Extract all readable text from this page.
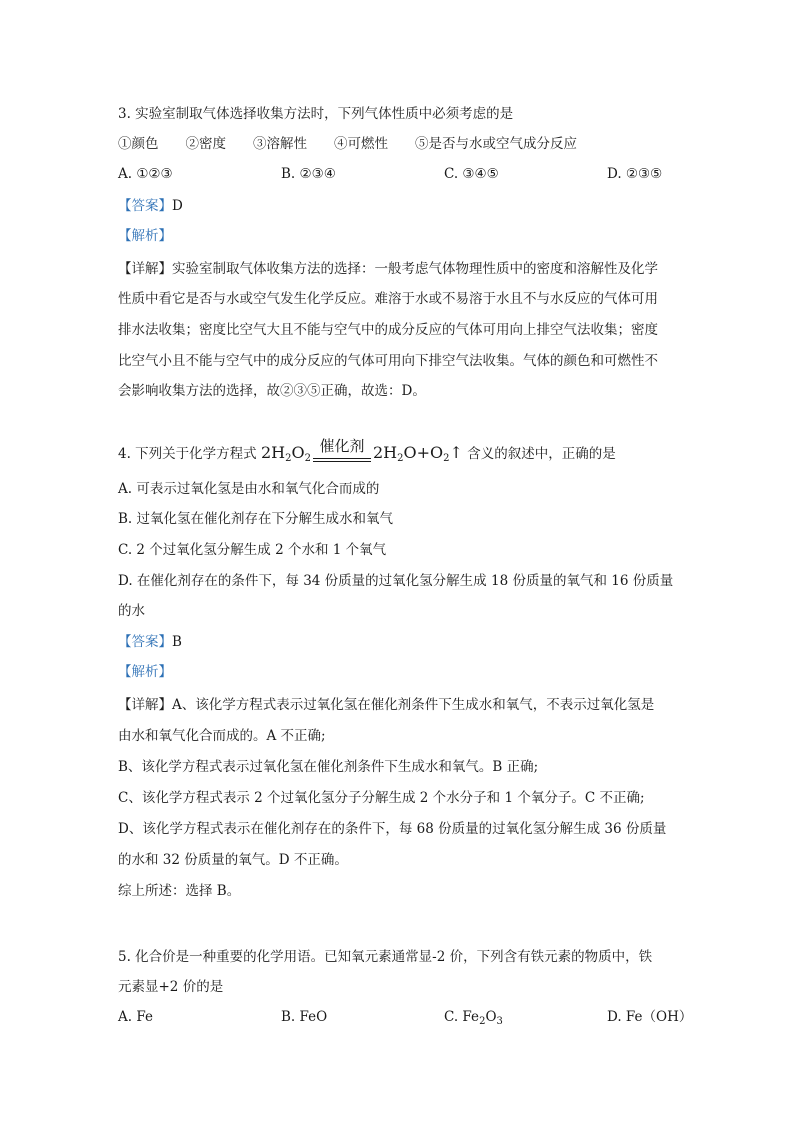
3. 实验室制取气体选择收集方法时，下列气体性质中必须考虑的是
①颜色　　②密度　　③溶解性　　④可燃性　　⑤是否与水或空气成分反应
A. ①②③	B. ②③④	C. ③④⑤	D. ②③⑤
【答案】D
【解析】
【详解】实验室制取气体收集方法的选择：一般考虑气体物理性质中的密度和溶解性及化学
性质中看它是否与水或空气发生化学反应。难溶于水或不易溶于水且不与水反应的气体可用
排水法收集；密度比空气大且不能与空气中的成分反应的气体可用向上排空气法收集；密度
比空气小且不能与空气中的成分反应的气体可用向下排空气法收集。气体的颜色和可燃性不
会影响收集方法的选择，故②③⑤正确，故选：D。
4. 下列关于化学方程式 $2H_2O_2$
催化剂 $2H_2O+O_2↑$ 含义的叙述中，正确的是
A. 可表示过氧化氢是由水和氧气化合而成的
B. 过氧化氢在催化剂存在下分解生成水和氧气
C. 2 个过氧化氢分解生成 2 个水和 1 个氧气
D. 在催化剂存在的条件下，每 34 份质量的过氧化氢分解生成 18 份质量的氧气和 16 份质量
的水
【答案】B
【解析】
【详解】A、该化学方程式表示过氧化氢在催化剂条件下生成水和氧气，不表示过氧化氢是
由水和氧气化合而成的。A 不正确;
B、该化学方程式表示过氧化氢在催化剂条件下生成水和氧气。B 正确;
C、该化学方程式表示 2 个过氧化氢分子分解生成 2 个水分子和 1 个氧分子。C 不正确;
D、该化学方程式表示在催化剂存在的条件下，每 68 份质量的过氧化氢分解生成 36 份质量
的水和 32 份质量的氧气。D 不正确。
综上所述：选择 B。
5. 化合价是一种重要的化学用语。已知氧元素通常显-2 价，下列含有铁元素的物质中，铁
元素显+2 价的是
A. Fe	B. FeO	C. $Fe_2O_3$	D. Fe（OH）
